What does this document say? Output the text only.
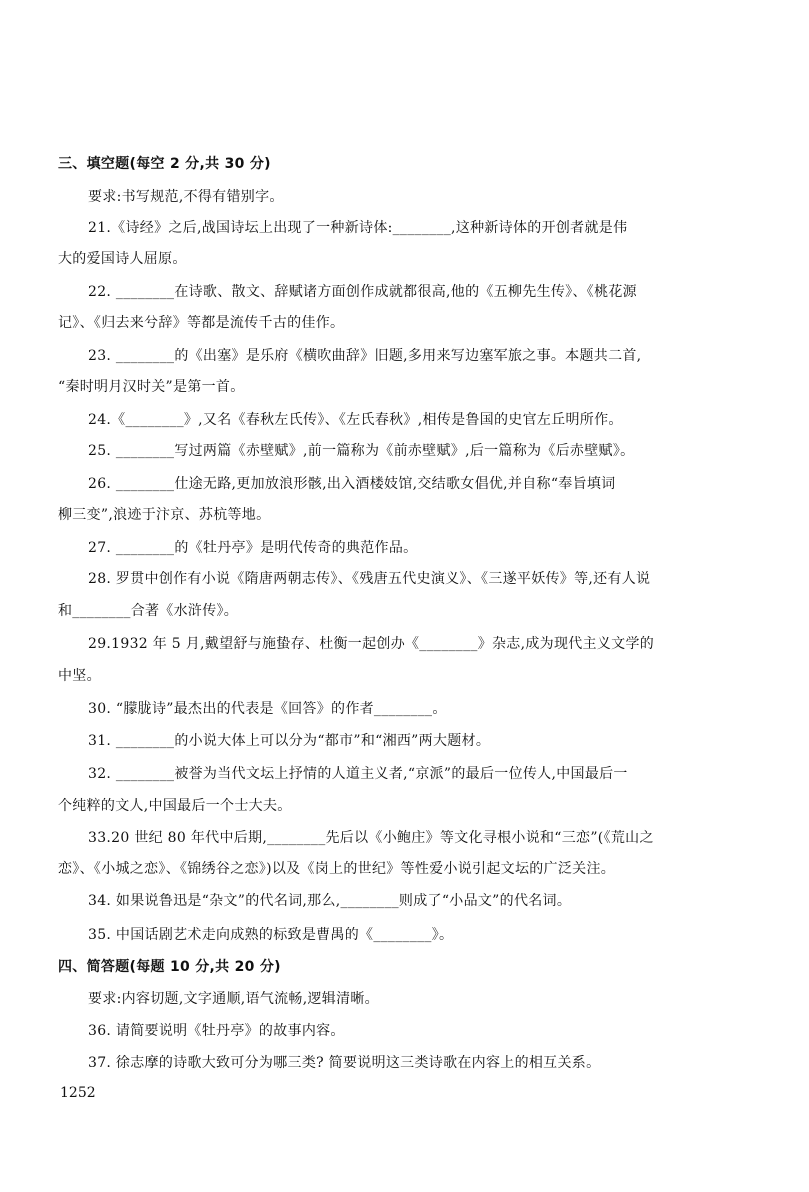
三、填空题(每空 2 分,共 30 分)
要求:书写规范,不得有错别字。
21.《诗经》之后,战国诗坛上出现了一种新诗体:________,这种新诗体的开创者就是伟
大的爱国诗人屈原。
22. ________在诗歌、散文、辞赋诸方面创作成就都很高,他的《五柳先生传》、《桃花源
记》、《归去来兮辞》等都是流传千古的佳作。
23. ________的《出塞》是乐府《横吹曲辞》旧题,多用来写边塞军旅之事。本题共二首,
“秦时明月汉时关”是第一首。
24.《________》,又名《春秋左氏传》、《左氏春秋》,相传是鲁国的史官左丘明所作。
25. ________写过两篇《赤壁赋》,前一篇称为《前赤壁赋》,后一篇称为《后赤壁赋》。
26. ________仕途无路,更加放浪形骸,出入酒楼妓馆,交结歌女倡优,并自称“奉旨填词
柳三变”,浪迹于汴京、苏杭等地。
27. ________的《牡丹亭》是明代传奇的典范作品。
28. 罗贯中创作有小说《隋唐两朝志传》、《残唐五代史演义》、《三遂平妖传》等,还有人说
和________合著《水浒传》。
29.1932 年 5 月,戴望舒与施蛰存、杜衡一起创办《________》杂志,成为现代主义文学的
中坚。
30. “朦胧诗”最杰出的代表是《回答》的作者________。
31. ________的小说大体上可以分为“都市”和“湘西”两大题材。
32. ________被誉为当代文坛上抒情的人道主义者,“京派”的最后一位传人,中国最后一
个纯粹的文人,中国最后一个士大夫。
33.20 世纪 80 年代中后期,________先后以《小鲍庄》等文化寻根小说和“三恋”(《荒山之
恋》、《小城之恋》、《锦绣谷之恋》)以及《岗上的世纪》等性爱小说引起文坛的广泛关注。
34. 如果说鲁迅是“杂文”的代名词,那么,________则成了“小品文”的代名词。
35. 中国话剧艺术走向成熟的标致是曹禺的《________》。
四、简答题(每题 10 分,共 20 分)
要求:内容切题,文字通顺,语气流畅,逻辑清晰。
36. 请简要说明《牡丹亭》的故事内容。
37. 徐志摩的诗歌大致可分为哪三类? 简要说明这三类诗歌在内容上的相互关系。
1252
